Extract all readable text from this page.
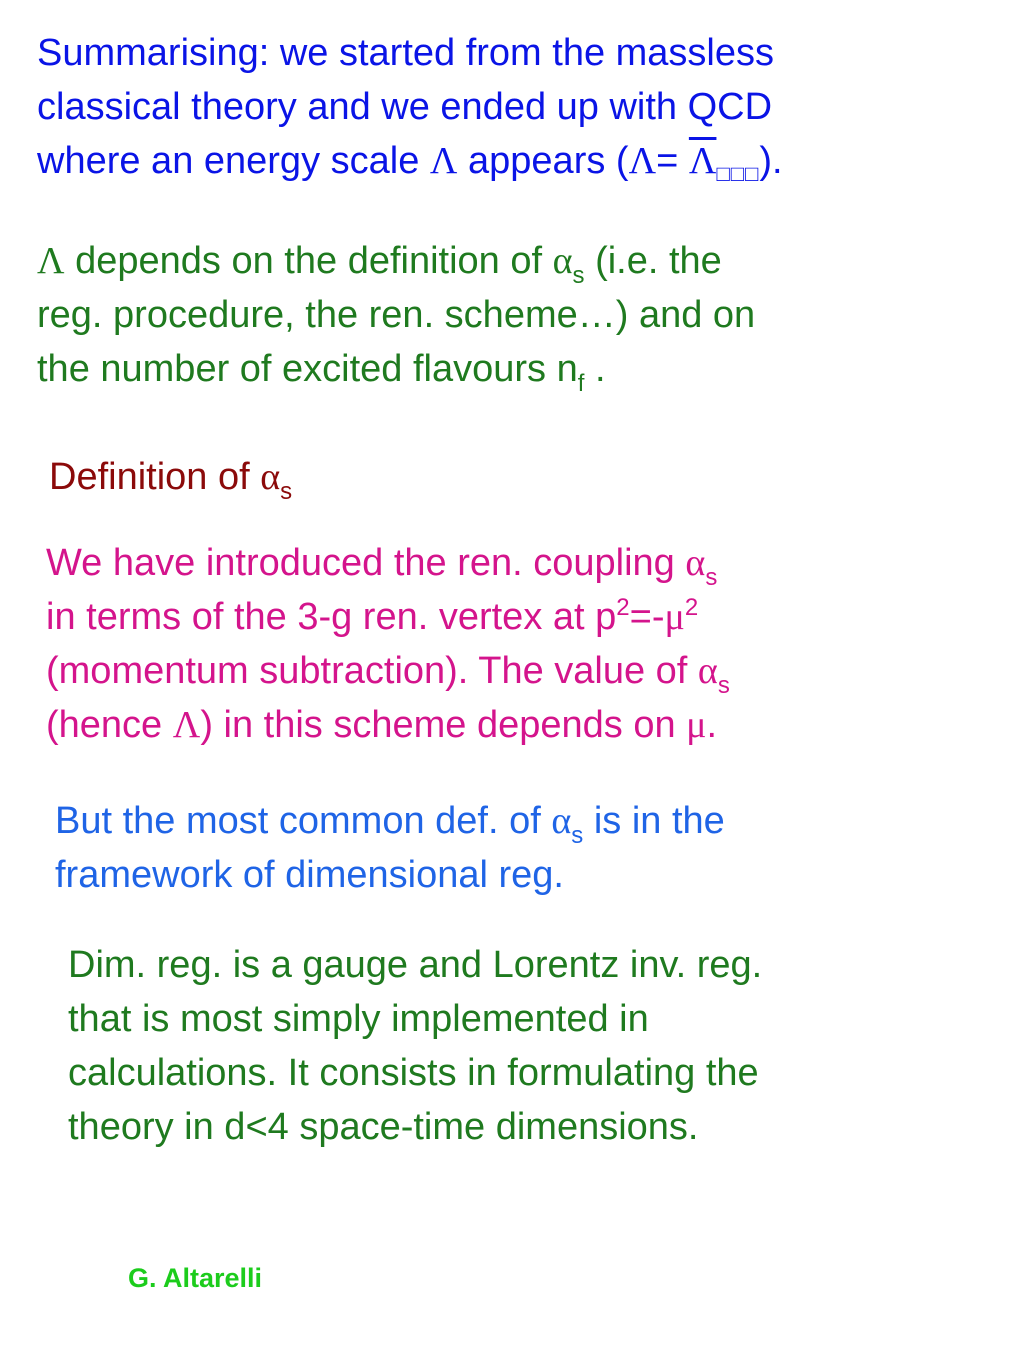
Summarising: we started from the massless
classical theory and we ended up with QCD
where an energy scale Λ appears $(\Lambda= \overline{\Lambda}_{□□□})$.
Λ depends on the definition of $\alpha_s$ (i.e. the
reg. procedure, the ren. scheme…) and on
the number of excited flavours $n_f$ .
Definition of $\alpha_s$
We have introduced the ren. coupling $\alpha_s$
in terms of the 3-g ren. vertex at $p^2=-\mu^2$
(momentum subtraction). The value of $\alpha_s$
(hence Λ) in this scheme depends on μ.
But the most common def. of $\alpha_s$ is in the
framework of dimensional reg.
Dim. reg. is a gauge and Lorentz inv. reg.
that is most simply implemented in
calculations. It consists in formulating the
theory in d<4 space-time dimensions.
G. Altarelli
